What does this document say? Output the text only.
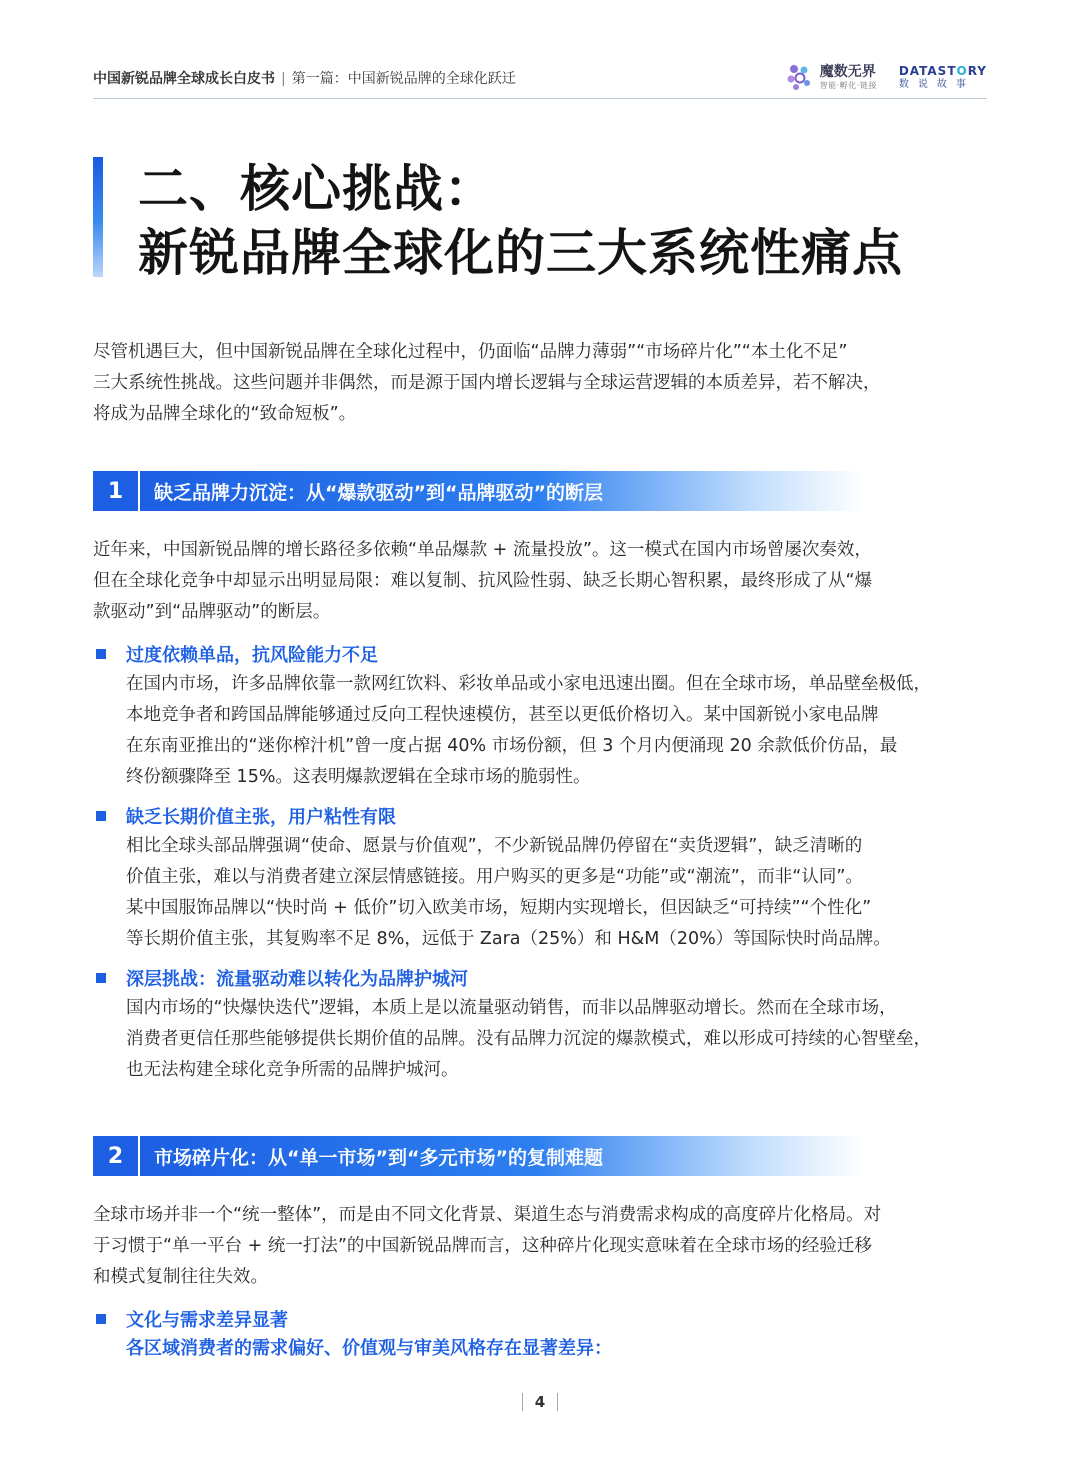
中国新锐品牌全球成长白皮书 | 第一篇：中国新锐品牌的全球化跃迁	魔数无界
智能·孵化·链接
DATASTORY
数说故事
二、核心挑战：
新锐品牌全球化的三大系统性痛点
尽管机遇巨大，但中国新锐品牌在全球化过程中，仍面临“品牌力薄弱”“市场碎片化”“本土化不足”
三大系统性挑战。这些问题并非偶然，而是源于国内增长逻辑与全球运营逻辑的本质差异，若不解决，
将成为品牌全球化的“致命短板”。
1	缺乏品牌力沉淀：从“爆款驱动”到“品牌驱动”的断层
近年来，中国新锐品牌的增长路径多依赖“单品爆款 + 流量投放”。这一模式在国内市场曾屡次奏效，
但在全球化竞争中却显示出明显局限：难以复制、抗风险性弱、缺乏长期心智积累，最终形成了从“爆
款驱动”到“品牌驱动”的断层。
过度依赖单品，抗风险能力不足
在国内市场，许多品牌依靠一款网红饮料、彩妆单品或小家电迅速出圈。但在全球市场，单品壁垒极低，
本地竞争者和跨国品牌能够通过反向工程快速模仿，甚至以更低价格切入。某中国新锐小家电品牌
在东南亚推出的“迷你榨汁机”曾一度占据 40% 市场份额，但 3 个月内便涌现 20 余款低价仿品，最
终份额骤降至 15%。这表明爆款逻辑在全球市场的脆弱性。
缺乏长期价值主张，用户粘性有限
相比全球头部品牌强调“使命、愿景与价值观”，不少新锐品牌仍停留在“卖货逻辑”，缺乏清晰的
价值主张，难以与消费者建立深层情感链接。用户购买的更多是“功能”或“潮流”，而非“认同”。
某中国服饰品牌以“快时尚 + 低价”切入欧美市场，短期内实现增长，但因缺乏“可持续”“个性化”
等长期价值主张，其复购率不足 8%，远低于 Zara（25%）和 H&M（20%）等国际快时尚品牌。
深层挑战：流量驱动难以转化为品牌护城河
国内市场的“快爆快迭代”逻辑，本质上是以流量驱动销售，而非以品牌驱动增长。然而在全球市场，
消费者更信任那些能够提供长期价值的品牌。没有品牌力沉淀的爆款模式，难以形成可持续的心智壁垒，
也无法构建全球化竞争所需的品牌护城河。
2	市场碎片化：从“单一市场”到“多元市场”的复制难题
全球市场并非一个“统一整体”，而是由不同文化背景、渠道生态与消费需求构成的高度碎片化格局。对
于习惯于“单一平台 + 统一打法”的中国新锐品牌而言，这种碎片化现实意味着在全球市场的经验迁移
和模式复制往往失效。
文化与需求差异显著
各区域消费者的需求偏好、价值观与审美风格存在显著差异：
4
